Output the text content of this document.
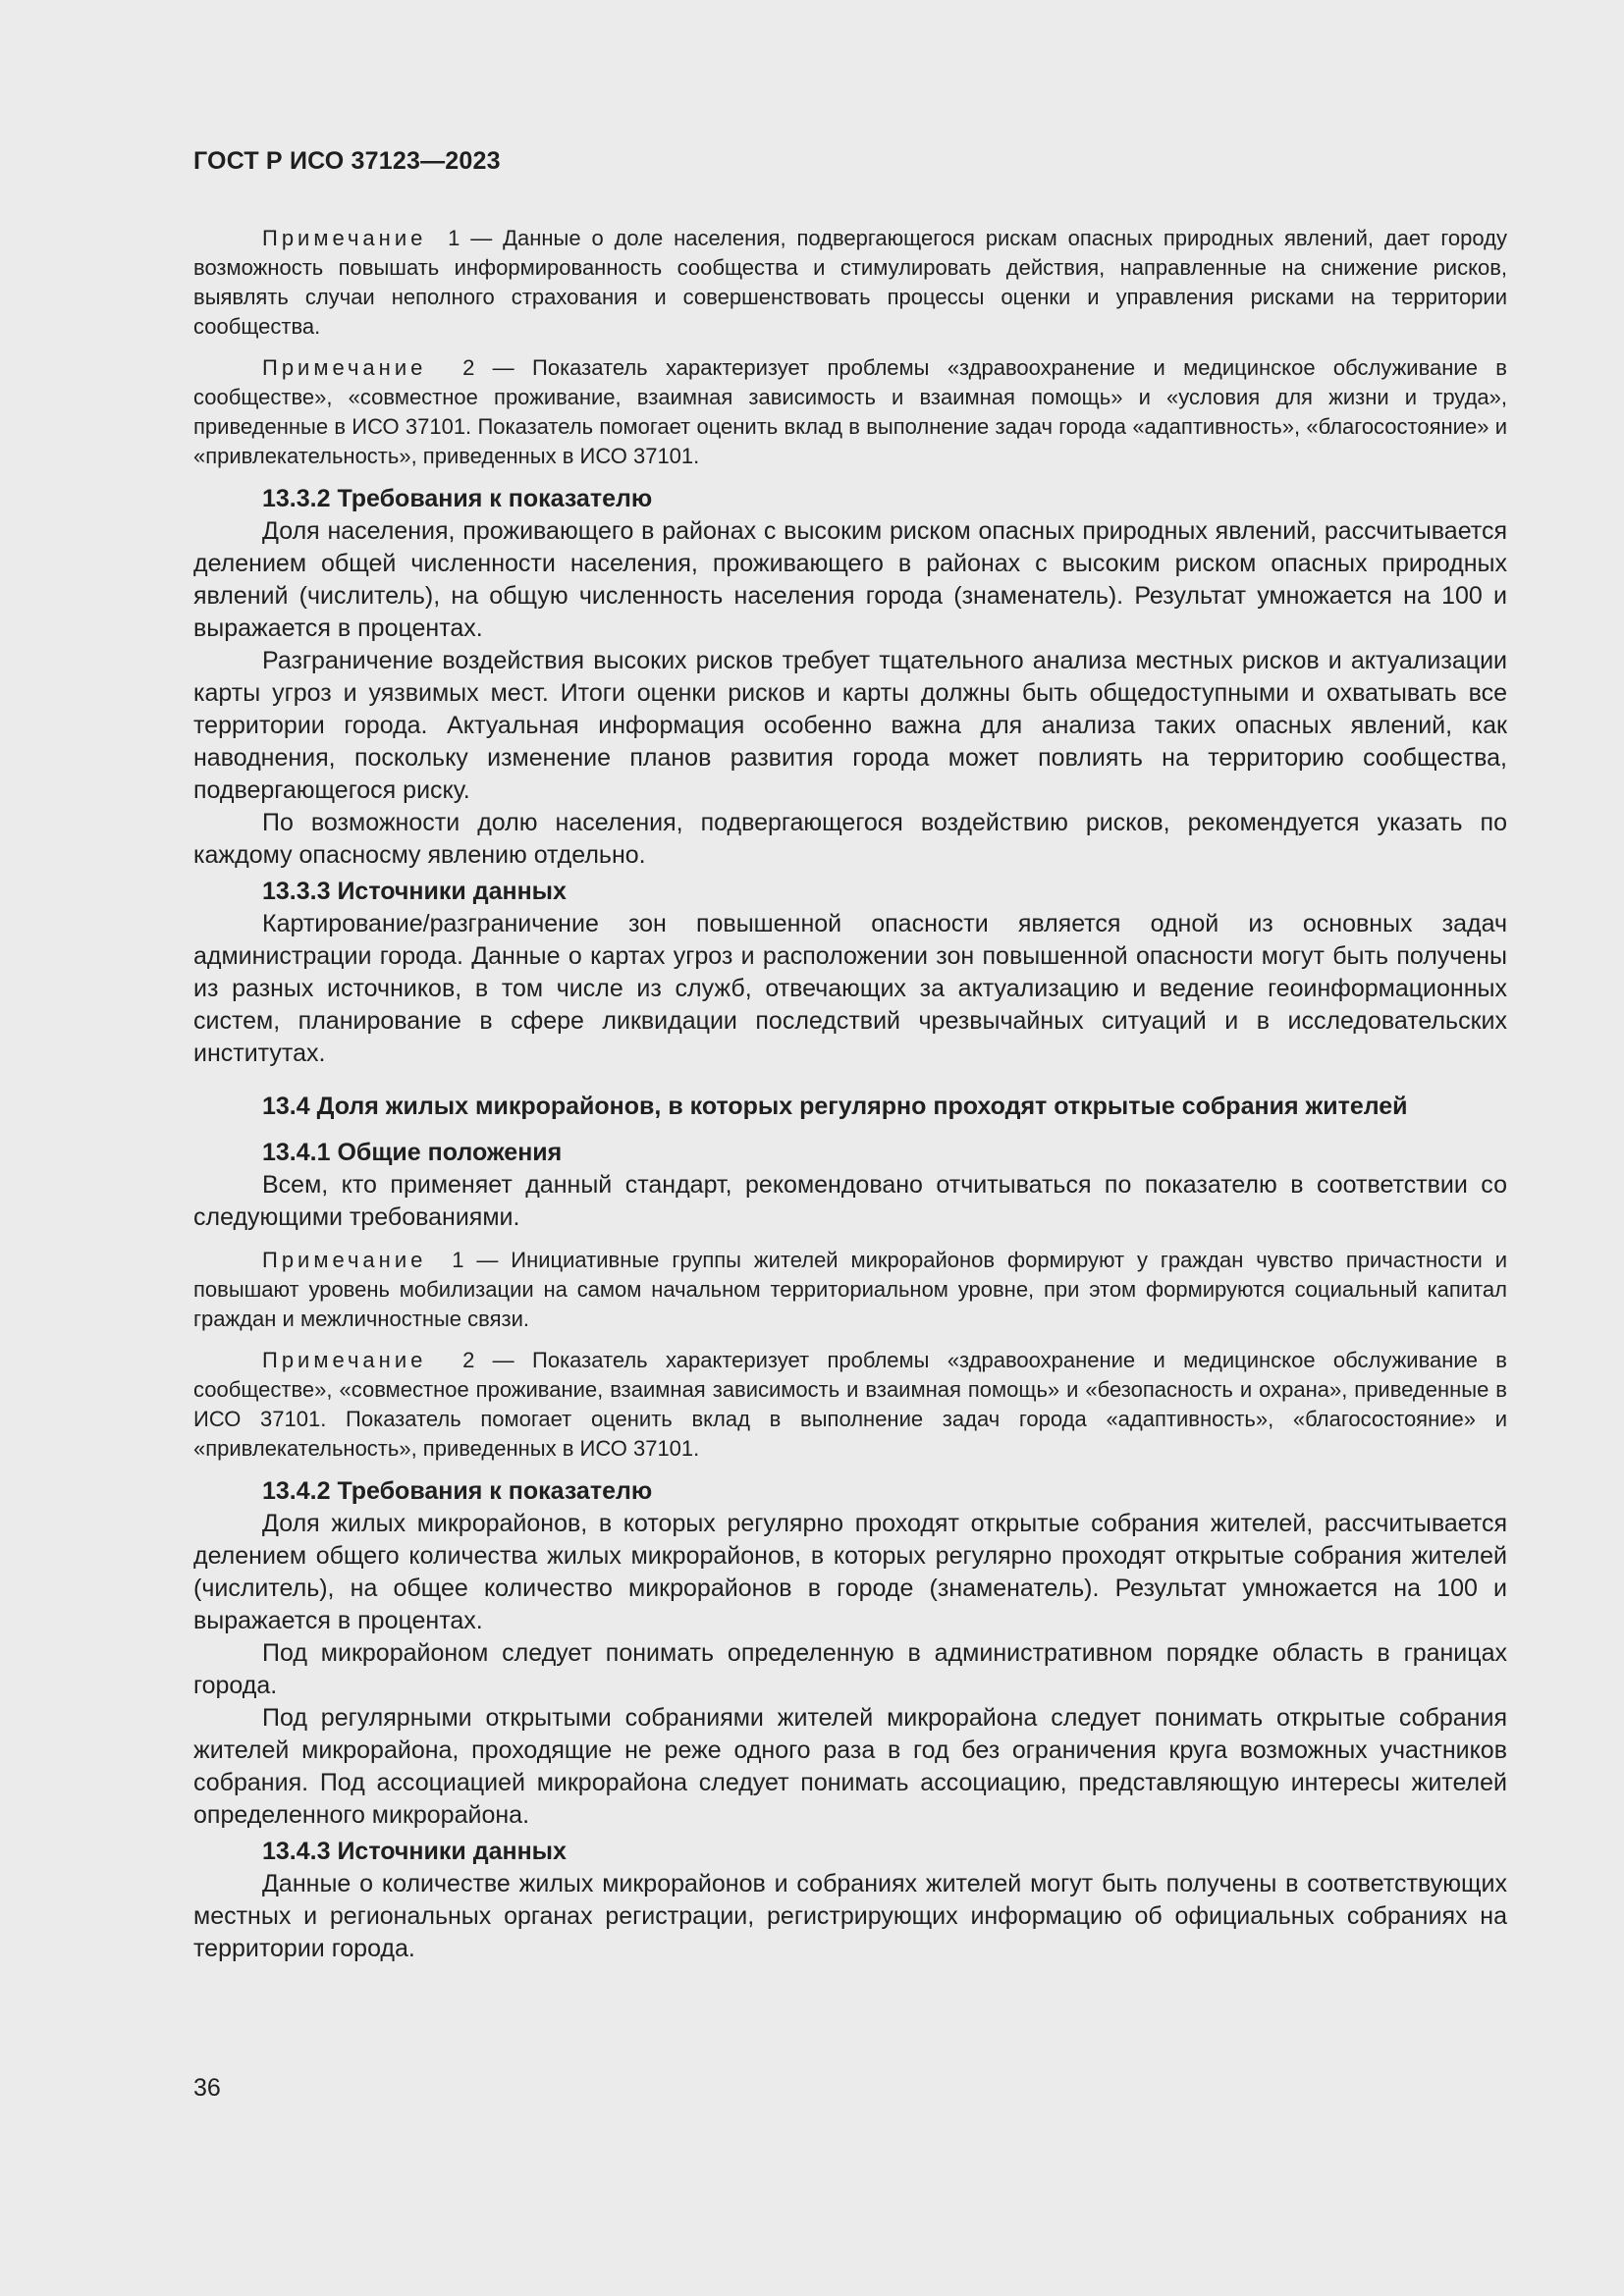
ГОСТ Р ИСО 37123—2023

Примечание 1 — Данные о доле населения, подвергающегося рискам опасных природных явлений, дает городу возможность повышать информированность сообщества и стимулировать действия, направленные на снижение рисков, выявлять случаи неполного страхования и совершенствовать процессы оценки и управления рисками на территории сообщества.

Примечание 2 — Показатель характеризует проблемы «здравоохранение и медицинское обслуживание в сообществе», «совместное проживание, взаимная зависимость и взаимная помощь» и «условия для жизни и труда», приведенные в ИСО 37101. Показатель помогает оценить вклад в выполнение задач города «адаптивность», «благосостояние» и «привлекательность», приведенных в ИСО 37101.

13.3.2 Требования к показателю

Доля населения, проживающего в районах с высоким риском опасных природных явлений, рассчитывается делением общей численности населения, проживающего в районах с высоким риском опасных природных явлений (числитель), на общую численность населения города (знаменатель). Результат умножается на 100 и выражается в процентах.

Разграничение воздействия высоких рисков требует тщательного анализа местных рисков и актуализации карты угроз и уязвимых мест. Итоги оценки рисков и карты должны быть общедоступными и охватывать все территории города. Актуальная информация особенно важна для анализа таких опасных явлений, как наводнения, поскольку изменение планов развития города может повлиять на территорию сообщества, подвергающегося риску.

По возможности долю населения, подвергающегося воздействию рисков, рекомендуется указать по каждому опасносму явлению отдельно.

13.3.3 Источники данных

Картирование/разграничение зон повышенной опасности является одной из основных задач администрации города. Данные о картах угроз и расположении зон повышенной опасности могут быть получены из разных источников, в том числе из служб, отвечающих за актуализацию и ведение геоинформационных систем, планирование в сфере ликвидации последствий чрезвычайных ситуаций и в исследовательских институтах.

13.4 Доля жилых микрорайонов, в которых регулярно проходят открытые собрания жителей
13.4.1 Общие положения

Всем, кто применяет данный стандарт, рекомендовано отчитываться по показателю в соответствии со следующими требованиями.

Примечание 1 — Инициативные группы жителей микрорайонов формируют у граждан чувство причастности и повышают уровень мобилизации на самом начальном территориальном уровне, при этом формируются социальный капитал граждан и межличностные связи.

Примечание 2 — Показатель характеризует проблемы «здравоохранение и медицинское обслуживание в сообществе», «совместное проживание, взаимная зависимость и взаимная помощь» и «безопасность и охрана», приведенные в ИСО 37101. Показатель помогает оценить вклад в выполнение задач города «адаптивность», «благосостояние» и «привлекательность», приведенных в ИСО 37101.

13.4.2 Требования к показателю

Доля жилых микрорайонов, в которых регулярно проходят открытые собрания жителей, рассчитывается делением общего количества жилых микрорайонов, в которых регулярно проходят открытые собрания жителей (числитель), на общее количество микрорайонов в городе (знаменатель). Результат умножается на 100 и выражается в процентах.

Под микрорайоном следует понимать определенную в административном порядке область в границах города.

Под регулярными открытыми собраниями жителей микрорайона следует понимать открытые собрания жителей микрорайона, проходящие не реже одного раза в год без ограничения круга возможных участников собрания. Под ассоциацией микрорайона следует понимать ассоциацию, представляющую интересы жителей определенного микрорайона.

13.4.3 Источники данных

Данные о количестве жилых микрорайонов и собраниях жителей могут быть получены в соответствующих местных и региональных органах регистрации, регистрирующих информацию об официальных собраниях на территории города.

36
